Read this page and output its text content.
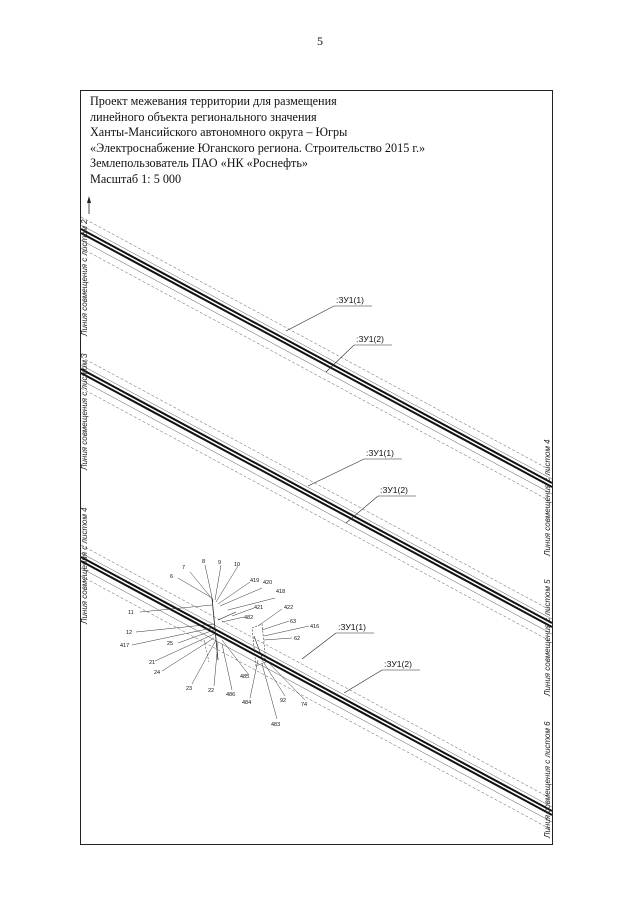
5
Проект межевания территории для размещения
линейного объекта регионального значения
Ханты-Мансийского автономного округа – Югры
«Электроснабжение Юганского региона. Строительство 2015 г.»
Землепользователь ПАО «НК «Роснефть»
Масштаб 1: 5 000
:ЗУ1(1)
:ЗУ1(2)
:ЗУ1(1)
:ЗУ1(2)
:ЗУ1(1)
:ЗУ1(2)
6
7
8 9 10
419 420
418
11
421	422
12
417	25
482
63
416
62
21
24
485
23	22
486
484	92
74
483
Линия совмещения с листом 2
Линия совмещения с листом 3
Линия совмещения с листом 4
Линия совмещения с листом 4
Линия совмещения с листом 5
Линия совмещения с листом 6
